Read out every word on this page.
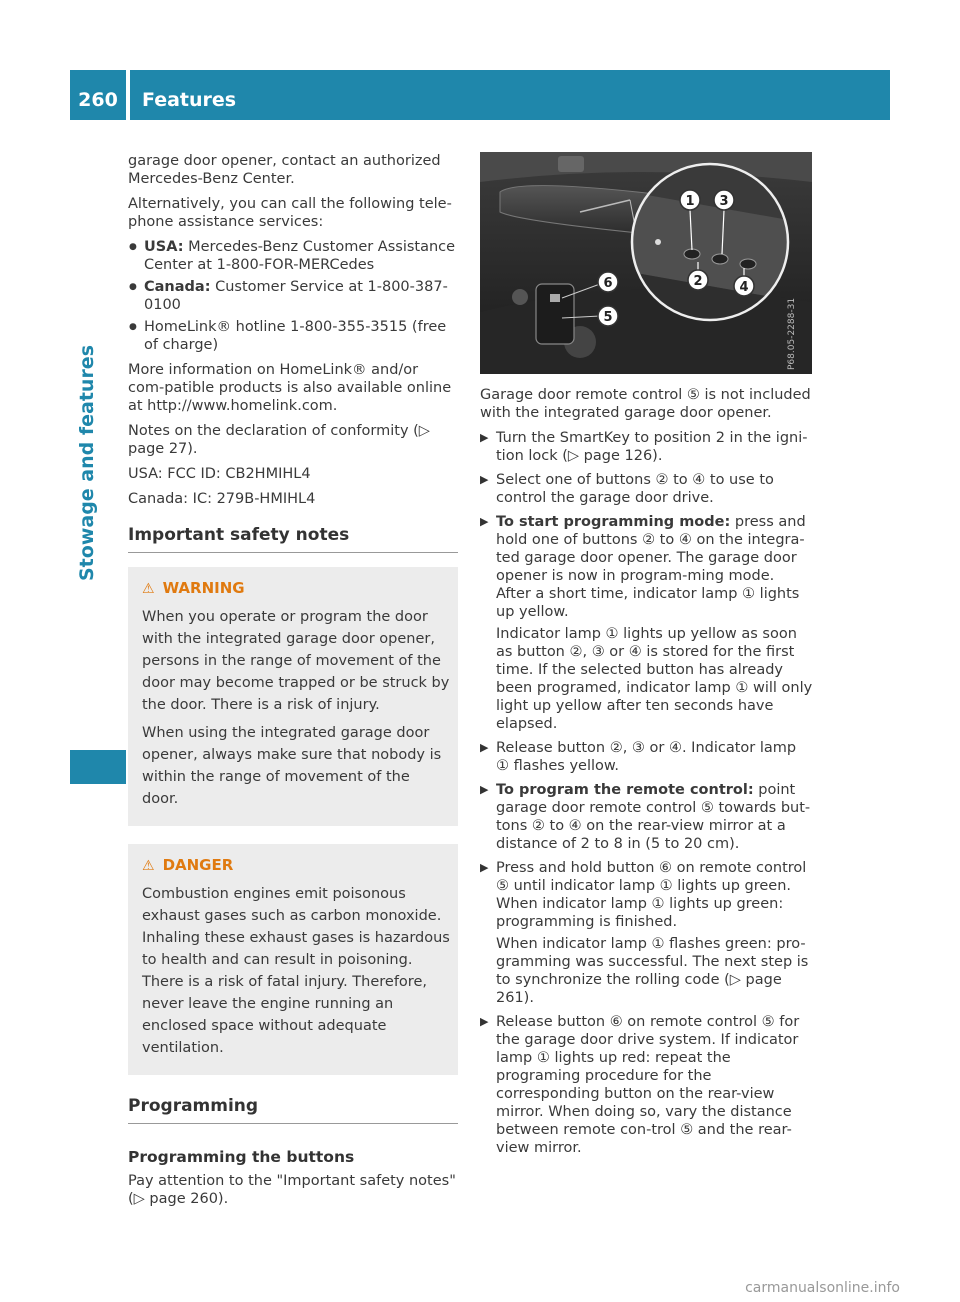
260	Features
Stowage and features

garage door opener, contact an authorized Mercedes-Benz Center.

Alternatively, you can call the following tele-phone assistance services:

● USA: Mercedes-Benz Customer Assistance Center at 1-800-FOR-MERCedes
● Canada: Customer Service at 1-800-387-0100
● HomeLink® hotline 1-800-355-3515 (free of charge)

More information on HomeLink® and/or com-patible products is also available online at http://www.homelink.com.

Notes on the declaration of conformity (▷ page 27).

USA: FCC ID: CB2HMIHL4

Canada: IC: 279B-HMIHL4

Important safety notes
⚠ WARNING

When you operate or program the door with the integrated garage door opener, persons in the range of movement of the door may become trapped or be struck by the door. There is a risk of injury.

When using the integrated garage door opener, always make sure that nobody is within the range of movement of the door.

⚠ DANGER

Combustion engines emit poisonous exhaust gases such as carbon monoxide. Inhaling these exhaust gases is hazardous to health and can result in poisoning. There is a risk of fatal injury. Therefore, never leave the engine running an enclosed space without adequate ventilation.

Programming
Programming the buttons

Pay attention to the "Important safety notes" (▷ page 260).

P68.05-2288-31
1 3
6
5
2	4

Garage door remote control ⑤ is not included with the integrated garage door opener.

▶ Turn the SmartKey to position 2 in the igni-tion lock (▷ page 126).

▶ Select one of buttons ② to ④ to use to control the garage door drive.

▶ To start programming mode: press and hold one of buttons ② to ④ on the integra-ted garage door opener. The garage door opener is now in program-ming mode. After a short time, indicator lamp ① lights up yellow.

Indicator lamp ① lights up yellow as soon as button ②, ③ or ④ is stored for the first time. If the selected button has already been programed, indicator lamp ① will only light up yellow after ten seconds have elapsed.

▶ Release button ②, ③ or ④. Indicator lamp ① flashes yellow.

▶ To program the remote control: point garage door remote control ⑤ towards but-tons ② to ④ on the rear-view mirror at a distance of 2 to 8 in (5 to 20 cm).

▶ Press and hold button ⑥ on remote control ⑤ until indicator lamp ① lights up green. When indicator lamp ① lights up green: programming is finished.

When indicator lamp ① flashes green: pro-gramming was successful. The next step is to synchronize the rolling code (▷ page 261).

▶ Release button ⑥ on remote control ⑤ for the garage door drive system. If indicator lamp ① lights up red: repeat the programing procedure for the corresponding button on the rear-view mirror. When doing so, vary the distance between remote con-trol ⑤ and the rear-view mirror.

carmanualsonline.info
